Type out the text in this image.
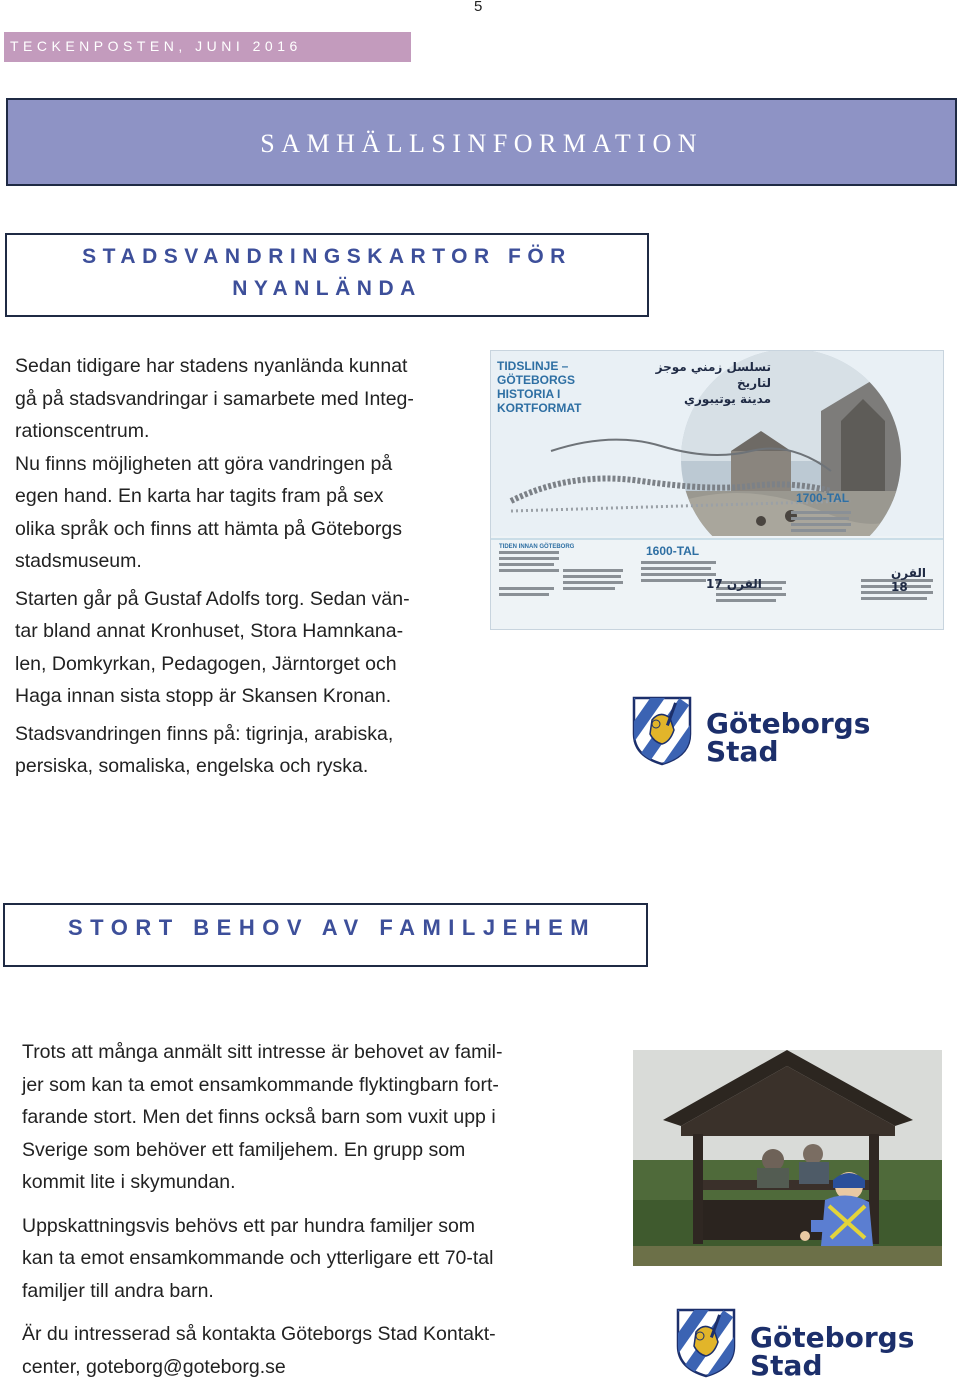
5
TECKENPOSTEN, JUNI 2016
SAMHÄLLSINFORMATION
STADSVANDRINGSKARTOR FÖR
NYANLÄNDA

Sedan tidigare har stadens nyanlända kunnat

gå på stadsvandringar i samarbete med Integ-

rationscentrum.

Nu finns möjligheten att göra vandringen på

egen hand. En karta har tagits fram på sex

olika språk och finns att hämta på Göteborgs

stadsmuseum.

Starten går på Gustaf Adolfs torg. Sedan vän-

tar bland annat Kronhuset, Stora Hamnkana-

len, Domkyrkan, Pedagogen, Järntorget och

Haga innan sista stopp är Skansen Kronan.

Stadsvandringen finns på: tigrinja, arabiska,

persiska, somaliska, engelska och ryska.

TIDSLINJE –
GÖTEBORGS
HISTORIA I
KORTFORMAT
تسلسل زمني موجز لتاريخ
مدينة يوتيبوري
TIDEN INNAN GÖTEBORG	1600-TAL
القرن 17
1700-TAL
القرن 18
Göteborgs
Stad
STORT BEHOV AV FAMILJEHEM

Trots att många anmält sitt intresse är behovet av famil-

jer som kan ta emot ensamkommande flyktingbarn fort-

farande stort. Men det finns också barn som vuxit upp i

Sverige som behöver ett familjehem. En grupp som

kommit lite i skymundan.

Uppskattningsvis behövs ett par hundra familjer som

kan ta emot ensamkommande och ytterligare ett 70-tal

familjer till andra barn.

Är du intresserad så kontakta Göteborgs Stad Kontakt-

center, goteborg@goteborg.se

Göteborgs
Stad
